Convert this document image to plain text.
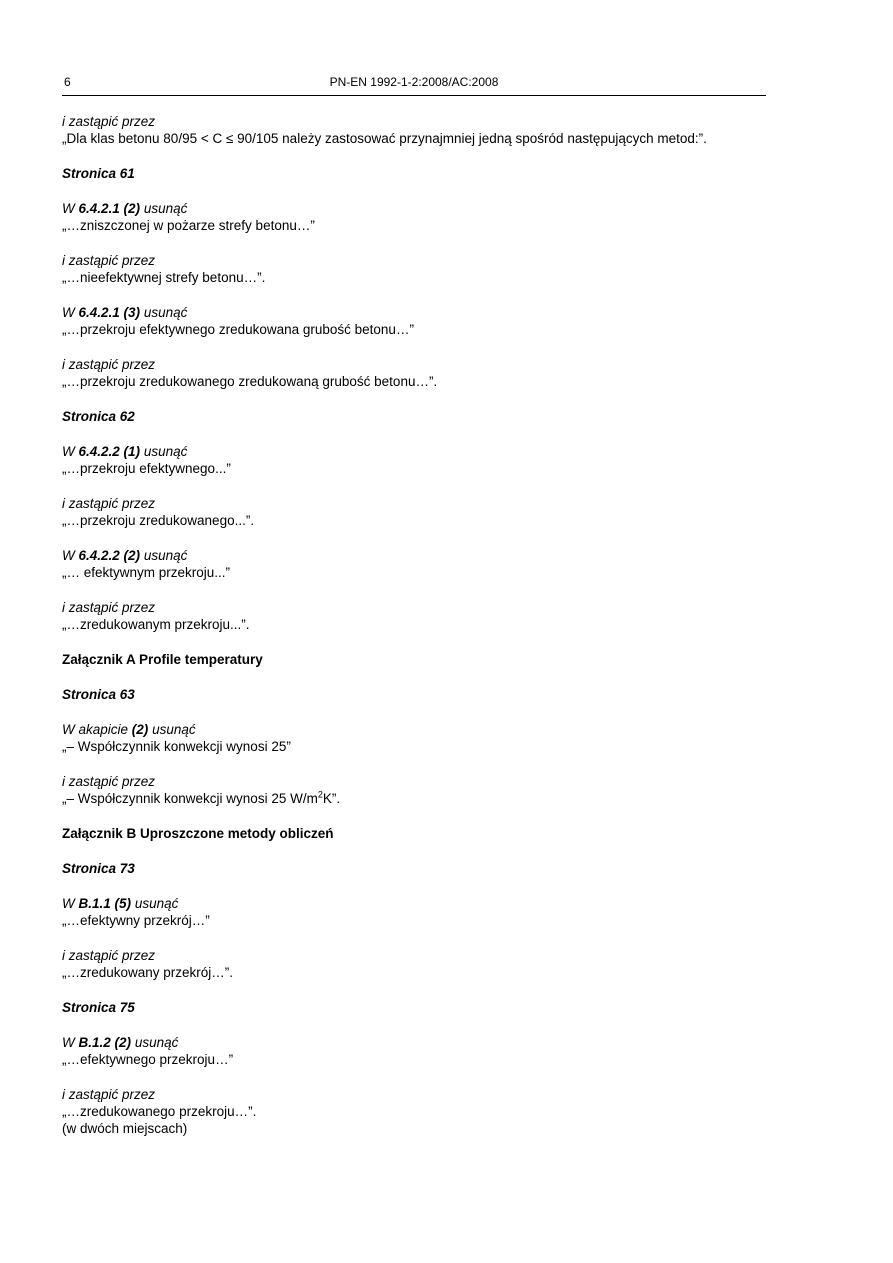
6	PN-EN 1992-1-2:2008/AC:2008
i zastąpić przez
„Dla klas betonu 80/95 < C ≤ 90/105 należy zastosować przynajmniej jedną spośród następujących metod:”.
Stronica 61
W 6.4.2.1 (2) usunąć
„…zniszczonej w pożarze strefy betonu…”
i zastąpić przez
„…nieefektywnej strefy betonu…”.
W 6.4.2.1 (3) usunąć
„…przekroju efektywnego zredukowana grubość betonu…”
i zastąpić przez
„…przekroju zredukowanego zredukowaną grubość betonu…”.
Stronica 62
W 6.4.2.2 (1) usunąć
„…przekroju efektywnego...”
i zastąpić przez
„…przekroju zredukowanego...”.
W 6.4.2.2 (2) usunąć
„… efektywnym przekroju...”
i zastąpić przez
„…zredukowanym przekroju...”.
Załącznik A Profile temperatury
Stronica 63
W akapicie (2) usunąć
„– Współczynnik konwekcji wynosi 25”
i zastąpić przez
„– Współczynnik konwekcji wynosi 25 $W/m^2K$”.
Załącznik B Uproszczone metody obliczeń
Stronica 73
W B.1.1 (5) usunąć
„…efektywny przekrój…”
i zastąpić przez
„…zredukowany przekrój…”.
Stronica 75
W B.1.2 (2) usunąć
„…efektywnego przekroju…”
i zastąpić przez
„…zredukowanego przekroju…”.
(w dwóch miejscach)
